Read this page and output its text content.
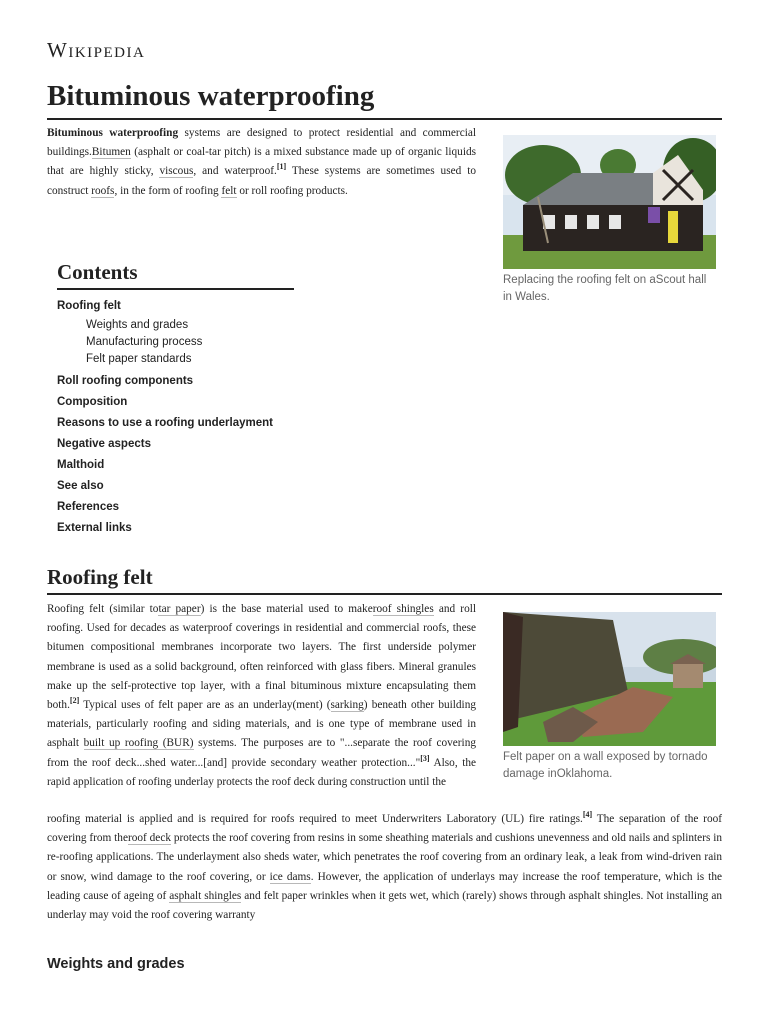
Wikipedia
Bituminous waterproofing

Bituminous waterproofing systems are designed to protect residential and commercial buildings.Bitumen (asphalt or coal-tar pitch) is a mixed substance made up of organic liquids that are highly sticky, viscous, and waterproof.[1] These systems are sometimes used to construct roofs, in the form of roofing felt or roll roofing products.

Replacing the roofing felt on aScout hall in Wales.
Contents
Roofing felt
Weights and grades
Manufacturing process
Felt paper standards
Roll roofing components
Composition
Reasons to use a roofing underlayment
Negative aspects
Malthoid
See also
References
External links
Roofing felt

Roofing felt (similar totar paper) is the base material used to makeroof shingles and roll roofing. Used for decades as waterproof coverings in residential and commercial roofs, these bitumen compositional membranes incorporate two layers. The first underside polymer membrane is used as a solid background, often reinforced with glass fibers. Mineral granules make up the self-protective top layer, with a final bituminous mixture encapsulating them both.[2] Typical uses of felt paper are as an underlay(ment) (sarking) beneath other building materials, particularly roofing and siding materials, and is one type of membrane used in asphalt built up roofing (BUR) systems. The purposes are to "...separate the roof covering from the roof deck...shed water...[and] provide secondary weather protection..."[3] Also, the rapid application of roofing underlay protects the roof deck during construction until the

roofing material is applied and is required for roofs required to meet Underwriters Laboratory (UL) fire ratings.[4] The separation of the roof covering from theroof deck protects the roof covering from resins in some sheathing materials and cushions unevenness and old nails and splinters in re-roofing applications. The underlayment also sheds water, which penetrates the roof covering from an ordinary leak, a leak from wind-driven rain or snow, wind damage to the roof covering, or ice dams. However, the application of underlays may increase the roof temperature, which is the leading cause of ageing of asphalt shingles and felt paper wrinkles when it gets wet, which (rarely) shows through asphalt shingles. Not installing an underlay may void the roof covering warranty

Felt paper on a wall exposed by tornado damage inOklahoma.
Weights and grades
